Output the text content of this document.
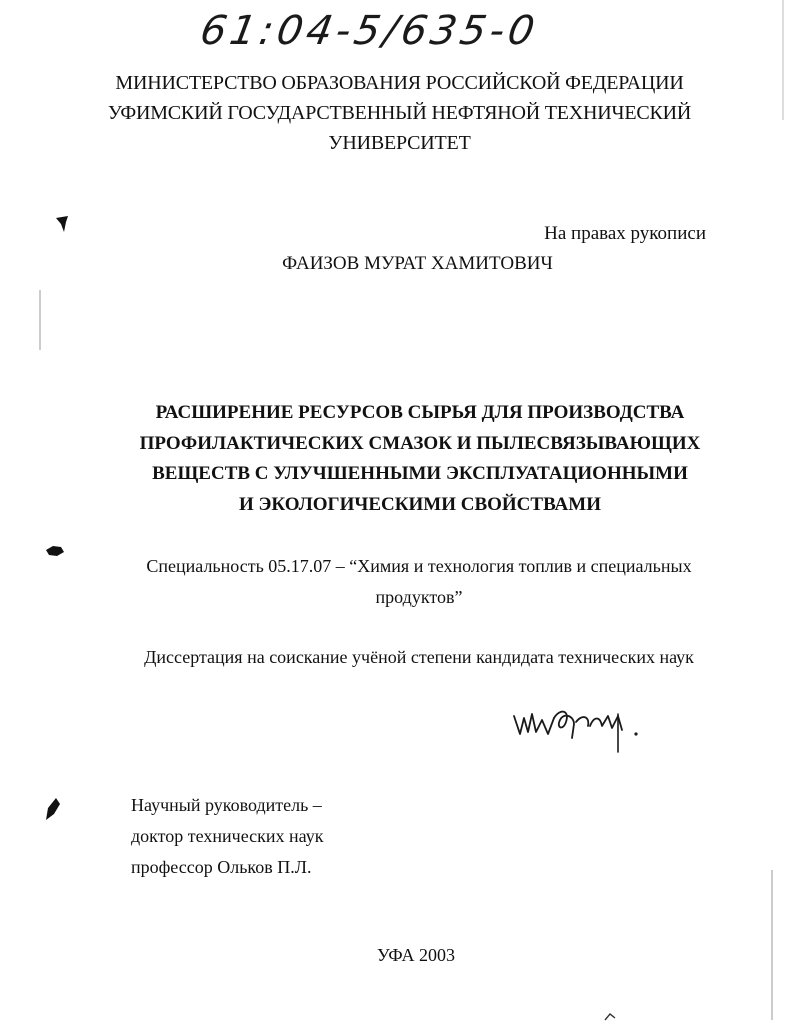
61:04-5/635-0
МИНИСТЕРСТВО ОБРАЗОВАНИЯ РОССИЙСКОЙ ФЕДЕРАЦИИ
УФИМСКИЙ ГОСУДАРСТВЕННЫЙ НЕФТЯНОЙ ТЕХНИЧЕСКИЙ
УНИВЕРСИТЕТ
На правах рукописи
ФАИЗОВ МУРАТ ХАМИТОВИЧ
РАСШИРЕНИЕ РЕСУРСОВ СЫРЬЯ ДЛЯ ПРОИЗВОДСТВА
ПРОФИЛАКТИЧЕСКИХ СМАЗОК И ПЫЛЕСВЯЗЫВАЮЩИХ
ВЕЩЕСТВ С УЛУЧШЕННЫМИ ЭКСПЛУАТАЦИОННЫМИ
И ЭКОЛОГИЧЕСКИМИ СВОЙСТВАМИ
Специальность 05.17.07 – “Химия и технология топлив и специальных
продуктов”
Диссертация на соискание учёной степени кандидата технических наук
Научный руководитель –
доктор технических наук
профессор Ольков П.Л.
УФА 2003
